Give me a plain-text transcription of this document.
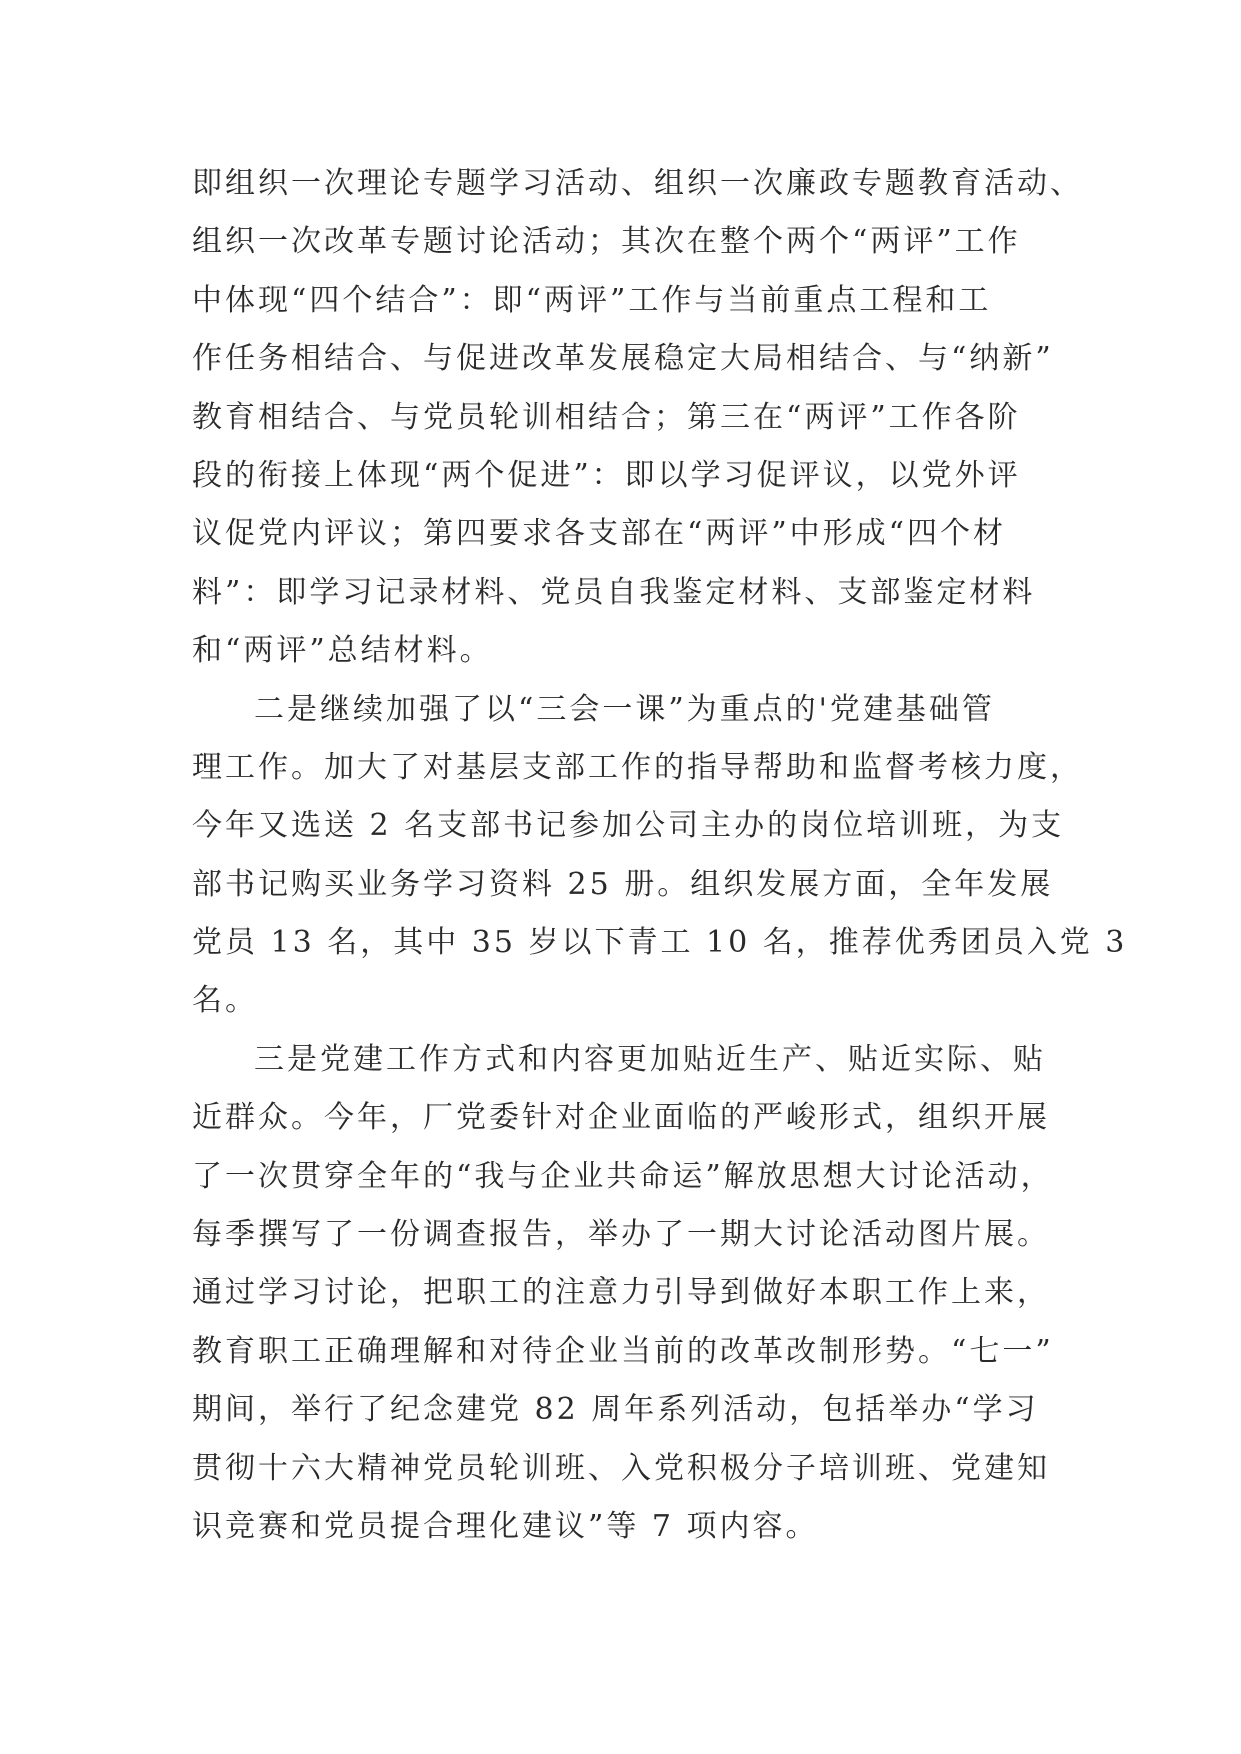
即组织一次理论专题学习活动、组织一次廉政专题教育活动、
组织一次改革专题讨论活动；其次在整个两个“两评”工作
中体现“四个结合”：即“两评”工作与当前重点工程和工
作任务相结合、与促进改革发展稳定大局相结合、与“纳新”
教育相结合、与党员轮训相结合；第三在“两评”工作各阶
段的衔接上体现“两个促进”：即以学习促评议，以党外评
议促党内评议；第四要求各支部在“两评”中形成“四个材
料”：即学习记录材料、党员自我鉴定材料、支部鉴定材料
和“两评”总结材料。
二是继续加强了以“三会一课”为重点的'党建基础管
理工作。加大了对基层支部工作的指导帮助和监督考核力度，
今年又选送 2 名支部书记参加公司主办的岗位培训班，为支
部书记购买业务学习资料 25 册。组织发展方面，全年发展
党员 13 名，其中 35 岁以下青工 10 名，推荐优秀团员入党 3
名。
三是党建工作方式和内容更加贴近生产、贴近实际、贴
近群众。今年，厂党委针对企业面临的严峻形式，组织开展
了一次贯穿全年的“我与企业共命运”解放思想大讨论活动，
每季撰写了一份调查报告，举办了一期大讨论活动图片展。
通过学习讨论，把职工的注意力引导到做好本职工作上来，
教育职工正确理解和对待企业当前的改革改制形势。“七一”
期间，举行了纪念建党 82 周年系列活动，包括举办“学习
贯彻十六大精神党员轮训班、入党积极分子培训班、党建知
识竞赛和党员提合理化建议”等 7 项内容。
